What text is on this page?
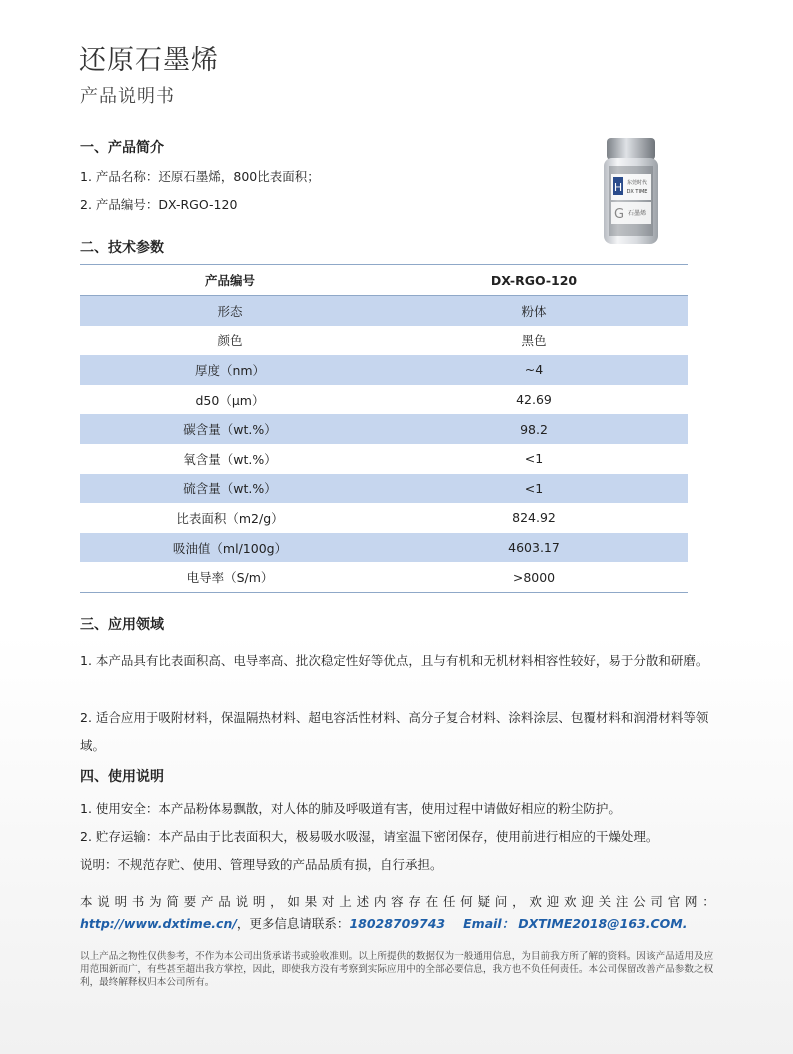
还原石墨烯
产品说明书
H 东莞时代
DX TIME
G 石墨烯
一、产品简介
1. 产品名称：还原石墨烯，800比表面积；
2. 产品编号：DX-RGO-120
二、技术参数
产品编号	DX-RGO-120
形态	粉体
颜色	黑色
厚度（nm）	~4
d50（μm）	42.69
碳含量（wt.%）	98.2
氧含量（wt.%）	<1
硫含量（wt.%）	<1
比表面积（m2/g）	824.92
吸油值（ml/100g）	4603.17
电导率（S/m）	>8000
三、应用领域
1. 本产品具有比表面积高、电导率高、批次稳定性好等优点，且与有机和无机材料相容性较好，易于分散和研磨。
2. 适合应用于吸附材料，保温隔热材料、超电容活性材料、高分子复合材料、涂料涂层、包覆材料和润滑材料等领域。
四、使用说明
1. 使用安全：本产品粉体易飘散，对人体的肺及呼吸道有害，使用过程中请做好相应的粉尘防护。
2. 贮存运输：本产品由于比表面积大，极易吸水吸湿，请室温下密闭保存，使用前进行相应的干燥处理。
说明：不规范存贮、使用、管理导致的产品品质有损，自行承担。
本说明书为简要产品说明，如果对上述内容存在任何疑问，欢迎欢迎关注公司官网：
http://www.dxtime.cn/，更多信息请联系：18028709743 Email： DXTIME2018@163.COM.
以上产品之物性仅供参考，不作为本公司出货承诺书或验收准则。以上所提供的数据仅为一般通用信息，为目前我方所了解的资料。因该产品适用及应用范围新而广，有些甚至超出我方掌控，因此，即使我方没有考察到实际应用中的全部必要信息，我方也不负任何责任。本公司保留改善产品参数之权利，最终解释权归本公司所有。
